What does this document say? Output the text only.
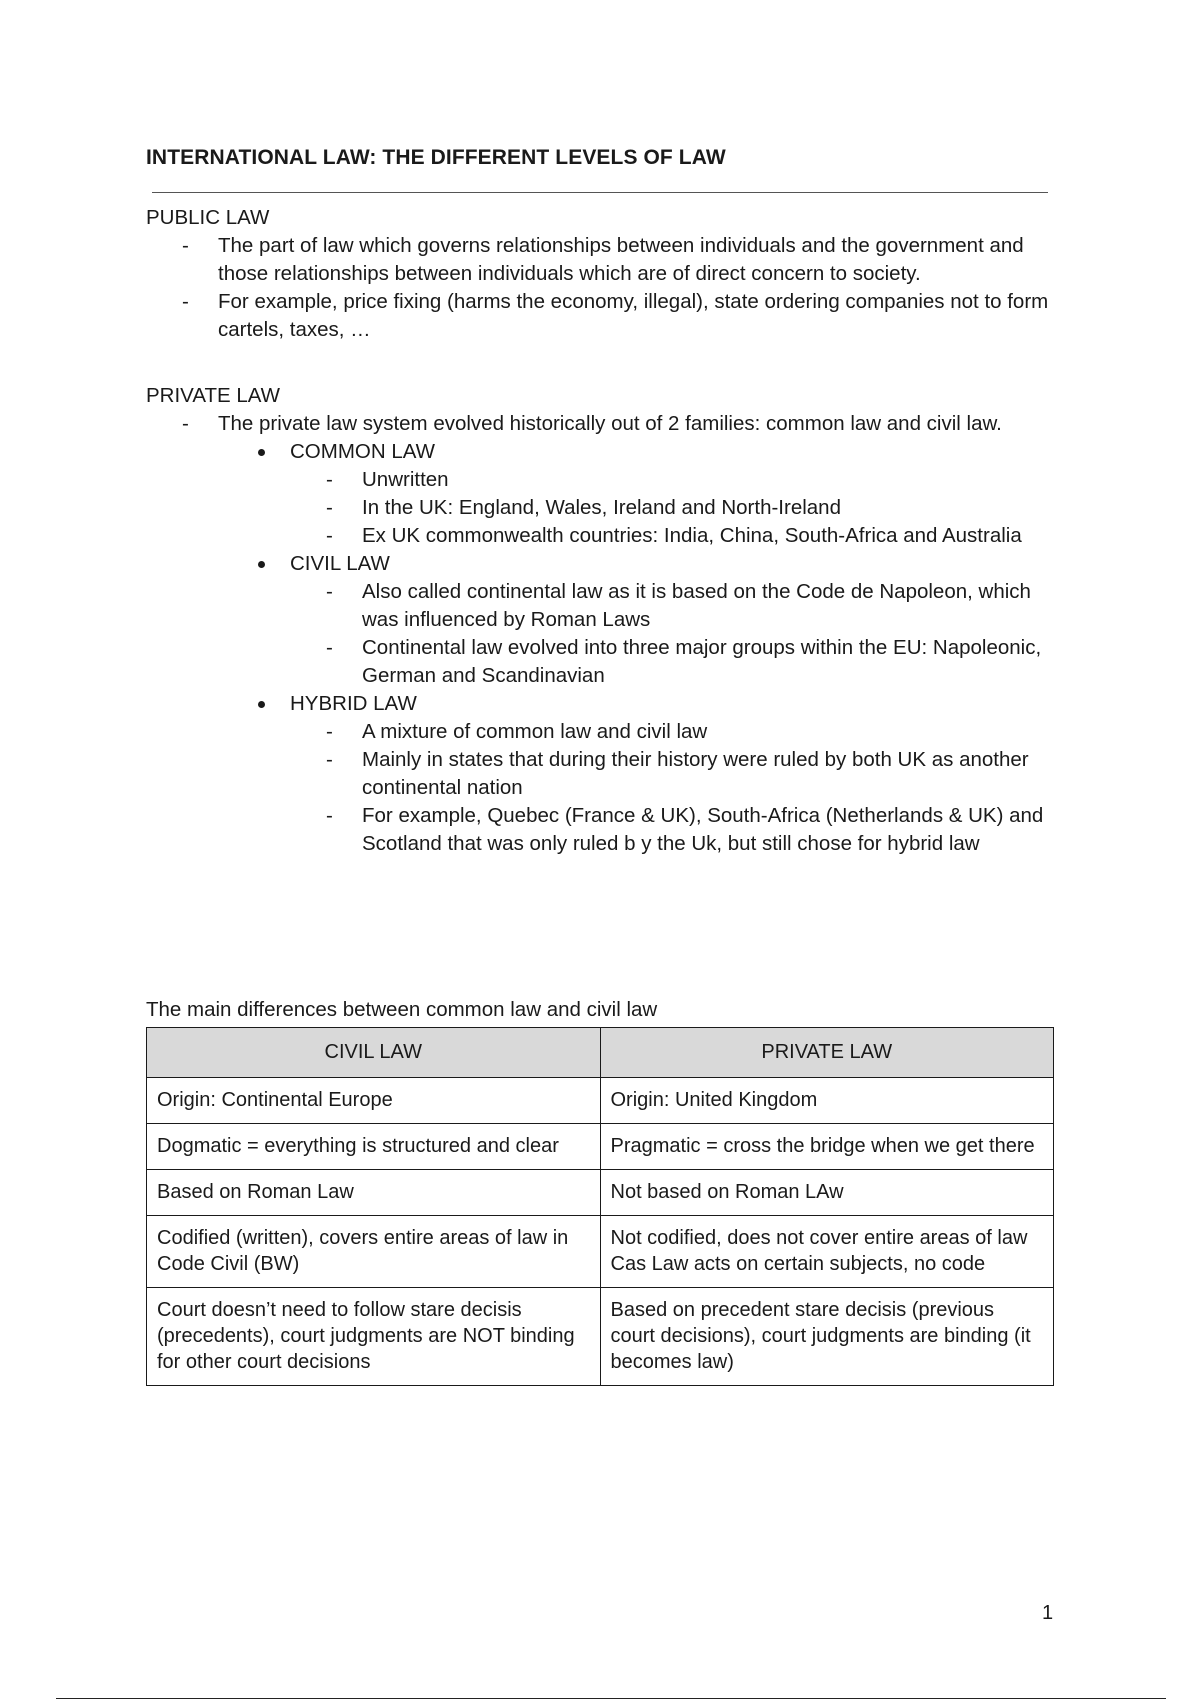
INTERNATIONAL LAW: THE DIFFERENT LEVELS OF LAW
PUBLIC LAW
- The part of law which governs relationships between individuals and the government and those relationships between individuals which are of direct concern to society.
- For example, price fixing (harms the economy, illegal), state ordering companies not to form cartels, taxes, …
PRIVATE LAW
- The private law system evolved historically out of 2 families: common law and civil law.
COMMON LAW
- Unwritten
- In the UK: England, Wales, Ireland and North-Ireland
- Ex UK commonwealth countries: India, China, South-Africa and Australia
CIVIL LAW
- Also called continental law as it is based on the Code de Napoleon, which was influenced by Roman Laws
- Continental law evolved into three major groups within the EU: Napoleonic, German and Scandinavian
HYBRID LAW
- A mixture of common law and civil law
- Mainly in states that during their history were ruled by both UK as another continental nation
- For example, Quebec (France & UK), South-Africa (Netherlands & UK) and Scotland that was only ruled b y the Uk, but still chose for hybrid law
The main differences between common law and civil law
CIVIL LAW	PRIVATE LAW

Origin: Continental Europe	Origin: United Kingdom

Dogmatic = everything is structured and clear	Pragmatic = cross the bridge when we get there

Based on Roman Law	Not based on Roman LAw

Codified (written), covers entire areas of law in Code Civil (BW)	Not codified, does not cover entire areas of law
Cas Law acts on certain subjects, no code

Court doesn’t need to follow stare decisis (precedents), court judgments are NOT binding for other court decisions	Based on precedent stare decisis (previous court decisions), court judgments are binding (it becomes law)
1
